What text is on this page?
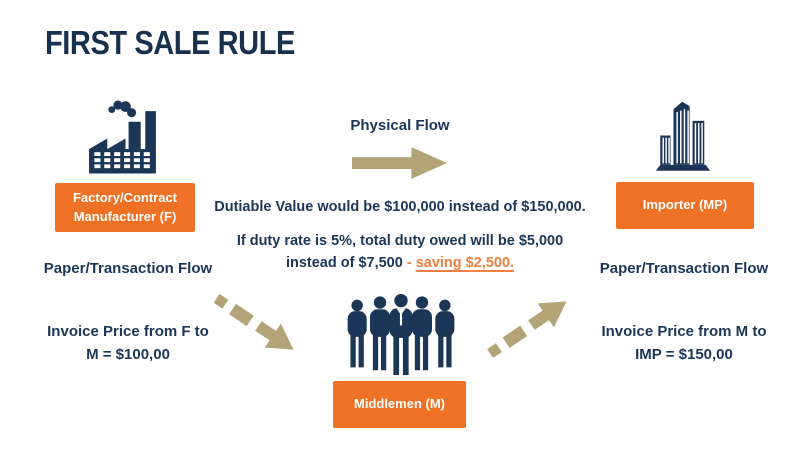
FIRST SALE RULE
Factory/Contract Manufacturer (F)
Paper/Transaction Flow
Invoice Price from F to
M = $100,00
Physical Flow
Dutiable Value would be $100,000 instead of $150,000.
If duty rate is 5%, total duty owed will be $5,000
instead of $7,500 - saving $2,500.
Middlemen (M)
Importer (MP)
Paper/Transaction Flow
Invoice Price from M to
IMP = $150,00
